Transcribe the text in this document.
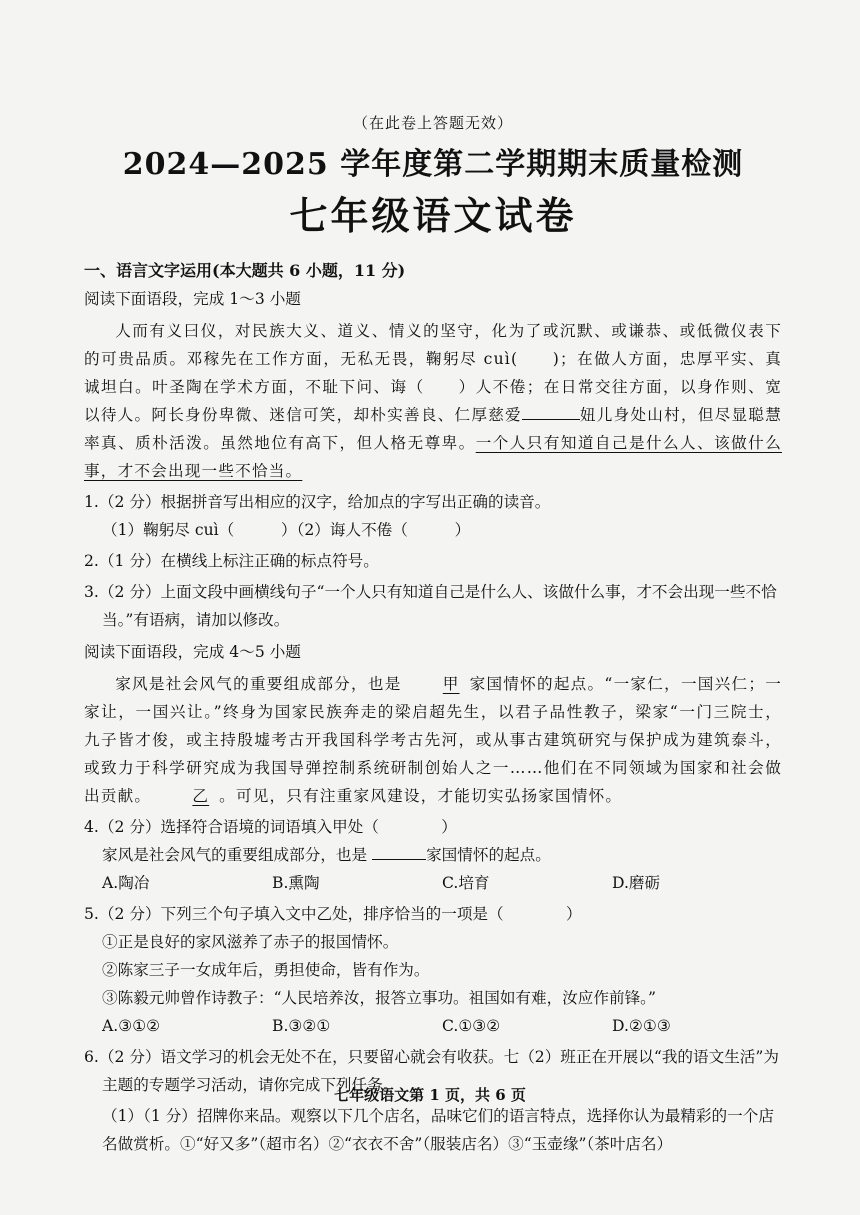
（在此卷上答题无效）
2024—2025 学年度第二学期期末质量检测
七年级语文试卷
一、语言文字运用(本大题共 6 小题，11 分)
阅读下面语段，完成 1～3 小题
人而有义曰仪，对民族大义、道义、情义的坚守，化为了或沉默、或谦恭、或低微仪表下的可贵品质。邓稼先在工作方面，无私无畏，鞠躬尽 cuì(　　)；在做人方面，忠厚平实、真诚坦白。叶圣陶在学术方面，不耻下问、诲（　　）人不倦；在日常交往方面，以身作则、宽以待人。阿长身份卑微、迷信可笑，却朴实善良、仁厚慈爱	妞儿身处山村，但尽显聪慧率真、质朴活泼。虽然地位有高下，但人格无尊卑。一个人只有知道自己是什么人、该做什么事，才不会出现一些不恰当。
1.（2 分）根据拼音写出相应的汉字，给加点的字写出正确的读音。
（1）鞠躬尽 cuì（　　　）（2）诲人不倦（　　　）
2.（1 分）在横线上标注正确的标点符号。
3.（2 分）上面文段中画横线句子“一个人只有知道自己是什么人、该做什么事，才不会出现一些不恰当。”有语病，请加以修改。
阅读下面语段，完成 4～5 小题
家风是社会风气的重要组成部分，也是	甲 家国情怀的起点。“一家仁，一国兴仁；一家让，一国兴让。”终身为国家民族奔走的梁启超先生，以君子品性教子，梁家“一门三院士，九子皆才俊，或主持殷墟考古开我国科学考古先河，或从事古建筑研究与保护成为建筑泰斗，或致力于科学研究成为我国导弹控制系统研制创始人之一……他们在不同领域为国家和社会做出贡献。	乙 。可见，只有注重家风建设，才能切实弘扬家国情怀。
4.（2 分）选择符合语境的词语填入甲处（　　　　）
家风是社会风气的重要组成部分，也是	家国情怀的起点。
A.陶冶	B.熏陶	C.培育	D.磨砺
5.（2 分）下列三个句子填入文中乙处，排序恰当的一项是（　　　　）
①正是良好的家风滋养了赤子的报国情怀。
②陈家三子一女成年后，勇担使命，皆有作为。
③陈毅元帅曾作诗教子：“人民培养汝，报答立事功。祖国如有难，汝应作前锋。”
A.③①②	B.③②①	C.①③②	D.②①③
6.（2 分）语文学习的机会无处不在，只要留心就会有收获。七（2）班正在开展以“我的语文生活”为主题的专题学习活动，请你完成下列任务。
（1）（1 分）招牌你来品。观察以下几个店名，品味它们的语言特点，选择你认为最精彩的一个店名做赏析。①“好又多”（超市名）②“衣衣不舍”（服装店名）③“玉壶缘”（茶叶店名）
七年级语文第 1 页，共 6 页
